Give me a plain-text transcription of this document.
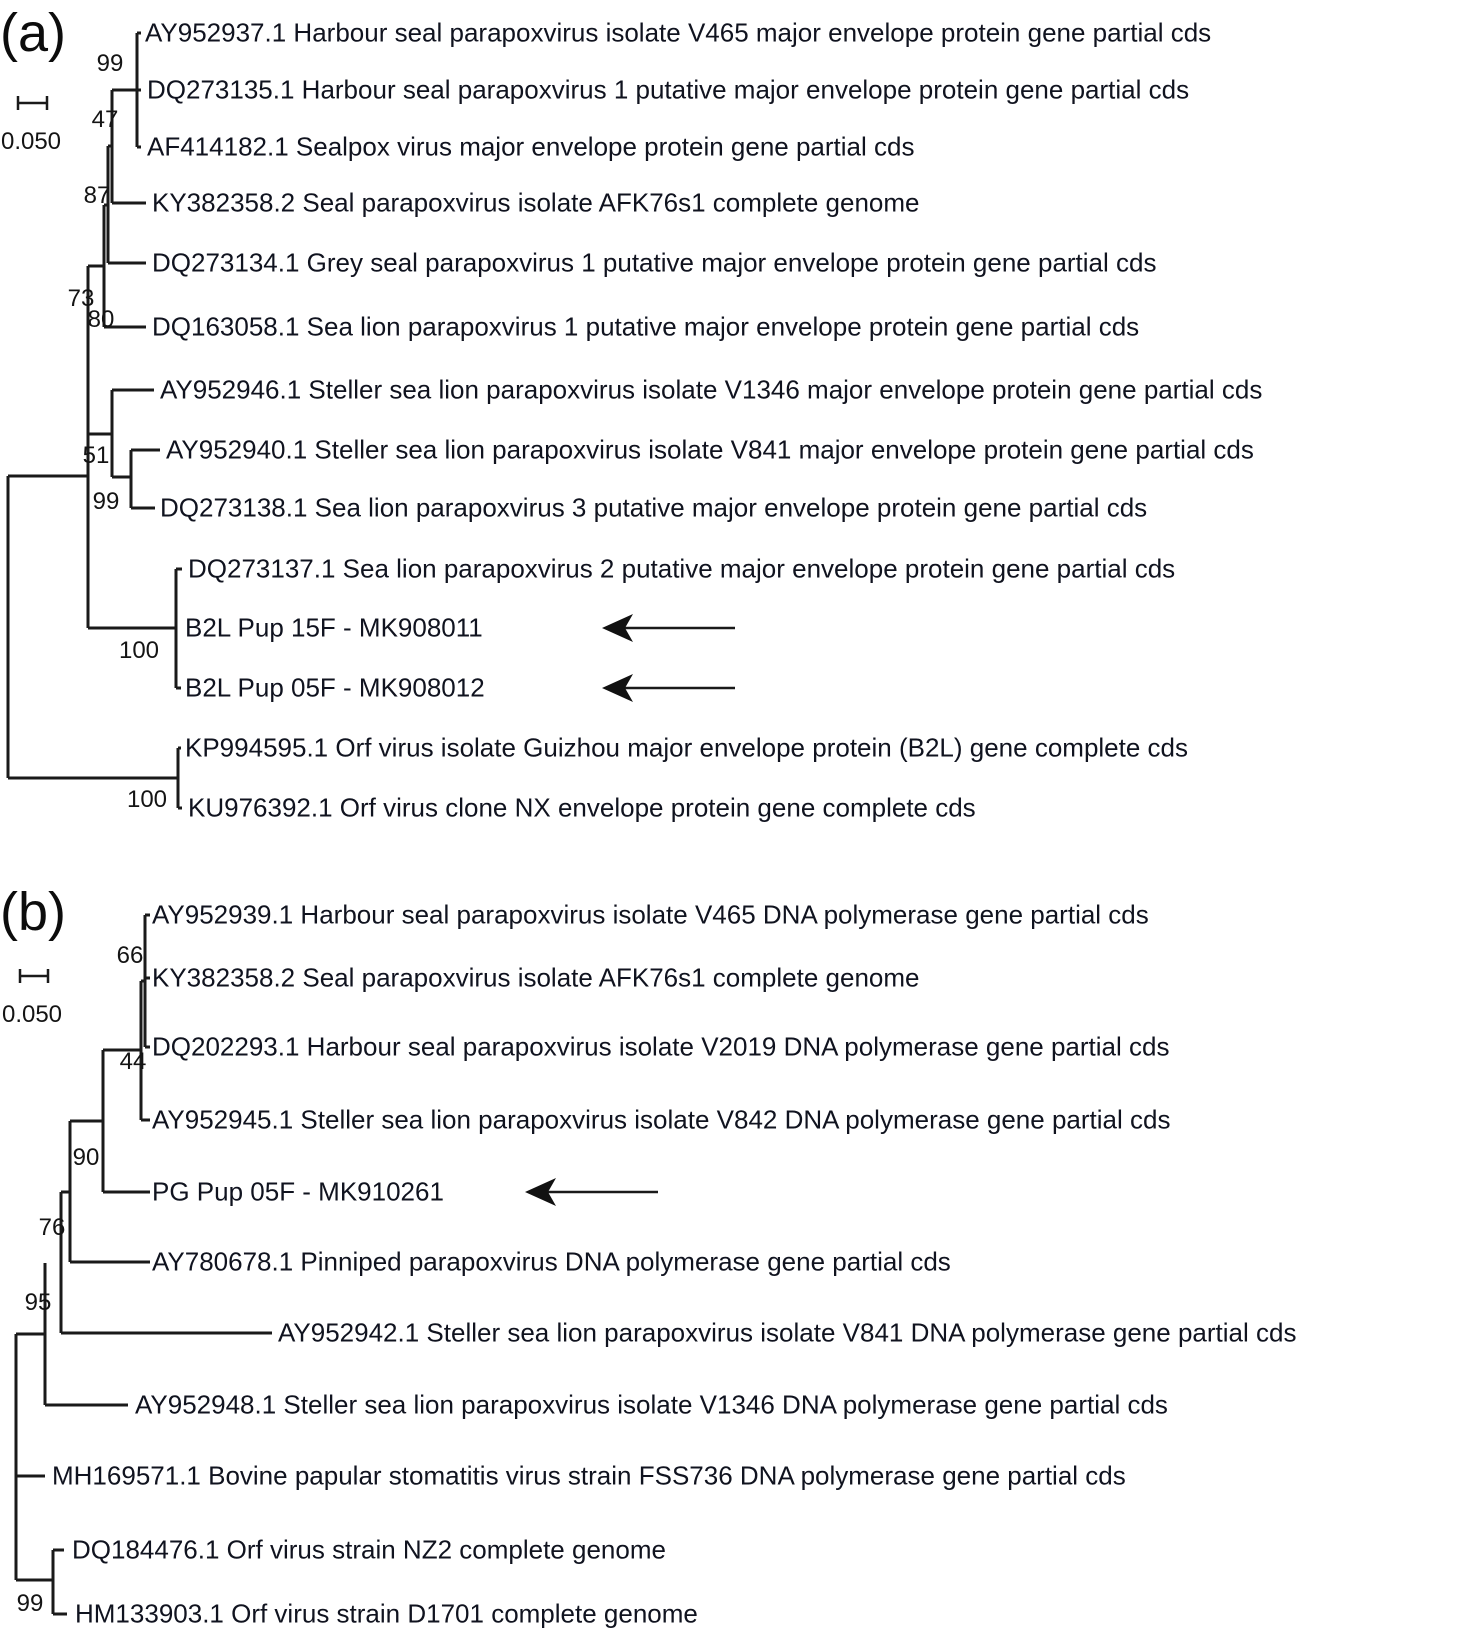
(a)
(b)
0.050
0.050
AY952937.1 Harbour seal parapoxvirus isolate V465 major envelope protein gene partial cds
DQ273135.1 Harbour seal parapoxvirus 1 putative major envelope protein gene partial cds
AF414182.1 Sealpox virus major envelope protein gene partial cds
KY382358.2 Seal parapoxvirus isolate AFK76s1 complete genome
DQ273134.1 Grey seal parapoxvirus 1 putative major envelope protein gene partial cds
DQ163058.1 Sea lion parapoxvirus 1 putative major envelope protein gene partial cds
AY952946.1 Steller sea lion parapoxvirus isolate V1346 major envelope protein gene partial cds
AY952940.1 Steller sea lion parapoxvirus isolate V841 major envelope protein gene partial cds
DQ273138.1 Sea lion parapoxvirus 3 putative major envelope protein gene partial cds
DQ273137.1 Sea lion parapoxvirus 2 putative major envelope protein gene partial cds
B2L Pup 15F - MK908011
B2L Pup 05F - MK908012
KP994595.1 Orf virus isolate Guizhou major envelope protein (B2L) gene complete cds
KU976392.1 Orf virus clone NX envelope protein gene complete cds
99
47
87
73
80
51
99
100
100
AY952939.1 Harbour seal parapoxvirus isolate V465 DNA polymerase gene partial cds
KY382358.2 Seal parapoxvirus isolate AFK76s1 complete genome
DQ202293.1 Harbour seal parapoxvirus isolate V2019 DNA polymerase gene partial cds
AY952945.1 Steller sea lion parapoxvirus isolate V842 DNA polymerase gene partial cds
PG Pup 05F - MK910261
AY780678.1 Pinniped parapoxvirus DNA polymerase gene partial cds
AY952942.1 Steller sea lion parapoxvirus isolate V841 DNA polymerase gene partial cds
AY952948.1 Steller sea lion parapoxvirus isolate V1346 DNA polymerase gene partial cds
MH169571.1 Bovine papular stomatitis virus strain FSS736 DNA polymerase gene partial cds
DQ184476.1 Orf virus strain NZ2 complete genome
HM133903.1 Orf virus strain D1701 complete genome
66
44
90
76
95
99
